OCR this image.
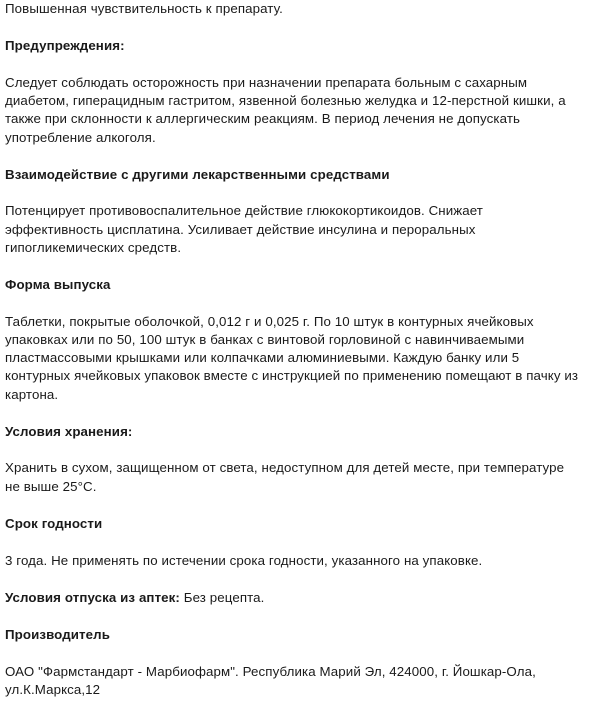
Повышенная чувствительность к препарату.
Предупреждения:
Следует соблюдать осторожность при назначении препарата больным с сахарным
диабетом, гиперацидным гастритом, язвенной болезнью желудка и 12-перстной кишки, а
также при склонности к аллергическим реакциям. В период лечения не допускать
употребление алкоголя.
Взаимодействие с другими лекарственными средствами
Потенцирует противовоспалительное действие глюкокортикоидов. Снижает
эффективность цисплатина. Усиливает действие инсулина и пероральных
гипогликемических средств.
Форма выпуска
Таблетки, покрытые оболочкой, 0,012 г и 0,025 г. По 10 штук в контурных ячейковых
упаковках или по 50, 100 штук в банках с винтовой горловиной с навинчиваемыми
пластмассовыми крышками или колпачками алюминиевыми. Каждую банку или 5
контурных ячейковых упаковок вместе с инструкцией по применению помещают в пачку из
картона.
Условия хранения:
Хранить в сухом, защищенном от света, недоступном для детей месте, при температуре
не выше 25°С.
Срок годности
3 года. Не применять по истечении срока годности, указанного на упаковке.
Условия отпуска из аптек: Без рецепта.
Производитель
ОАО "Фармстандарт - Марбиофарм". Республика Марий Эл, 424000, г. Йошкар-Ола,
ул.К.Маркса,12
